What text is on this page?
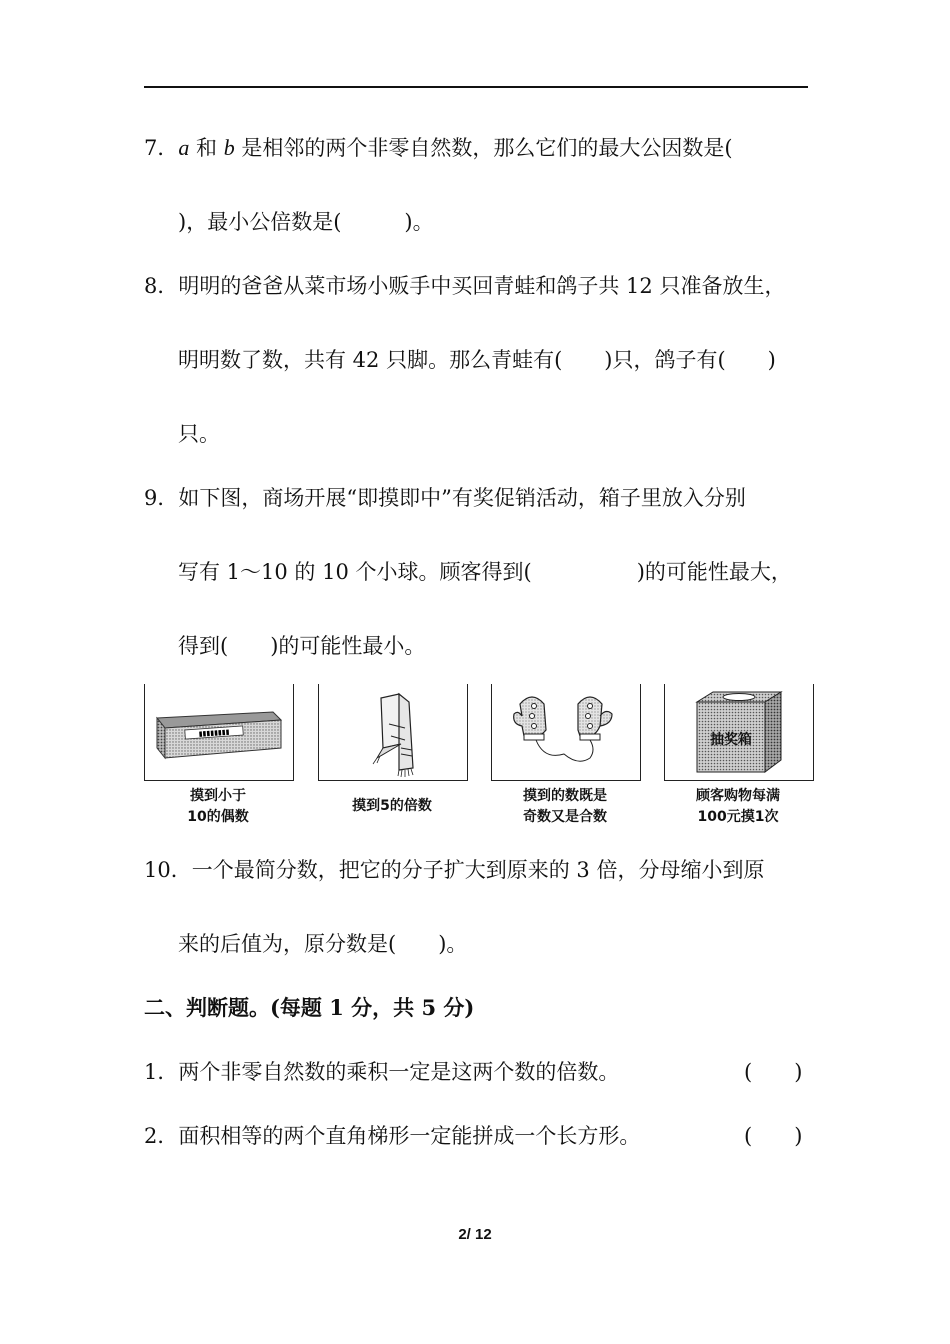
7．a 和 b 是相邻的两个非零自然数，那么它们的最大公因数是(
)，最小公倍数是(　　　)。
8．明明的爸爸从菜市场小贩手中买回青蛙和鸽子共 12 只准备放生，
明明数了数，共有 42 只脚。那么青蛙有(　　)只，鸽子有(　　)
只。
9．如下图，商场开展“即摸即中”有奖促销活动，箱子里放入分别
写有 1～10 的 10 个小球。顾客得到(　　　　　)的可能性最大，
得到(　　)的可能性最小。
▮▮▮▮▮▮▮▮	抽奖箱
摸到小于
10的偶数
摸到5的倍数
摸到的数既是
奇数又是合数
顾客购物每满
100元摸1次
10．一个最简分数，把它的分子扩大到原来的 3 倍，分母缩小到原
来的后值为，原分数是(　　)。
二、判断题。(每题 1 分，共 5 分)
1．两个非零自然数的乘积一定是这两个数的倍数。	(　　)
2．面积相等的两个直角梯形一定能拼成一个长方形。	(　　)
2/ 12
